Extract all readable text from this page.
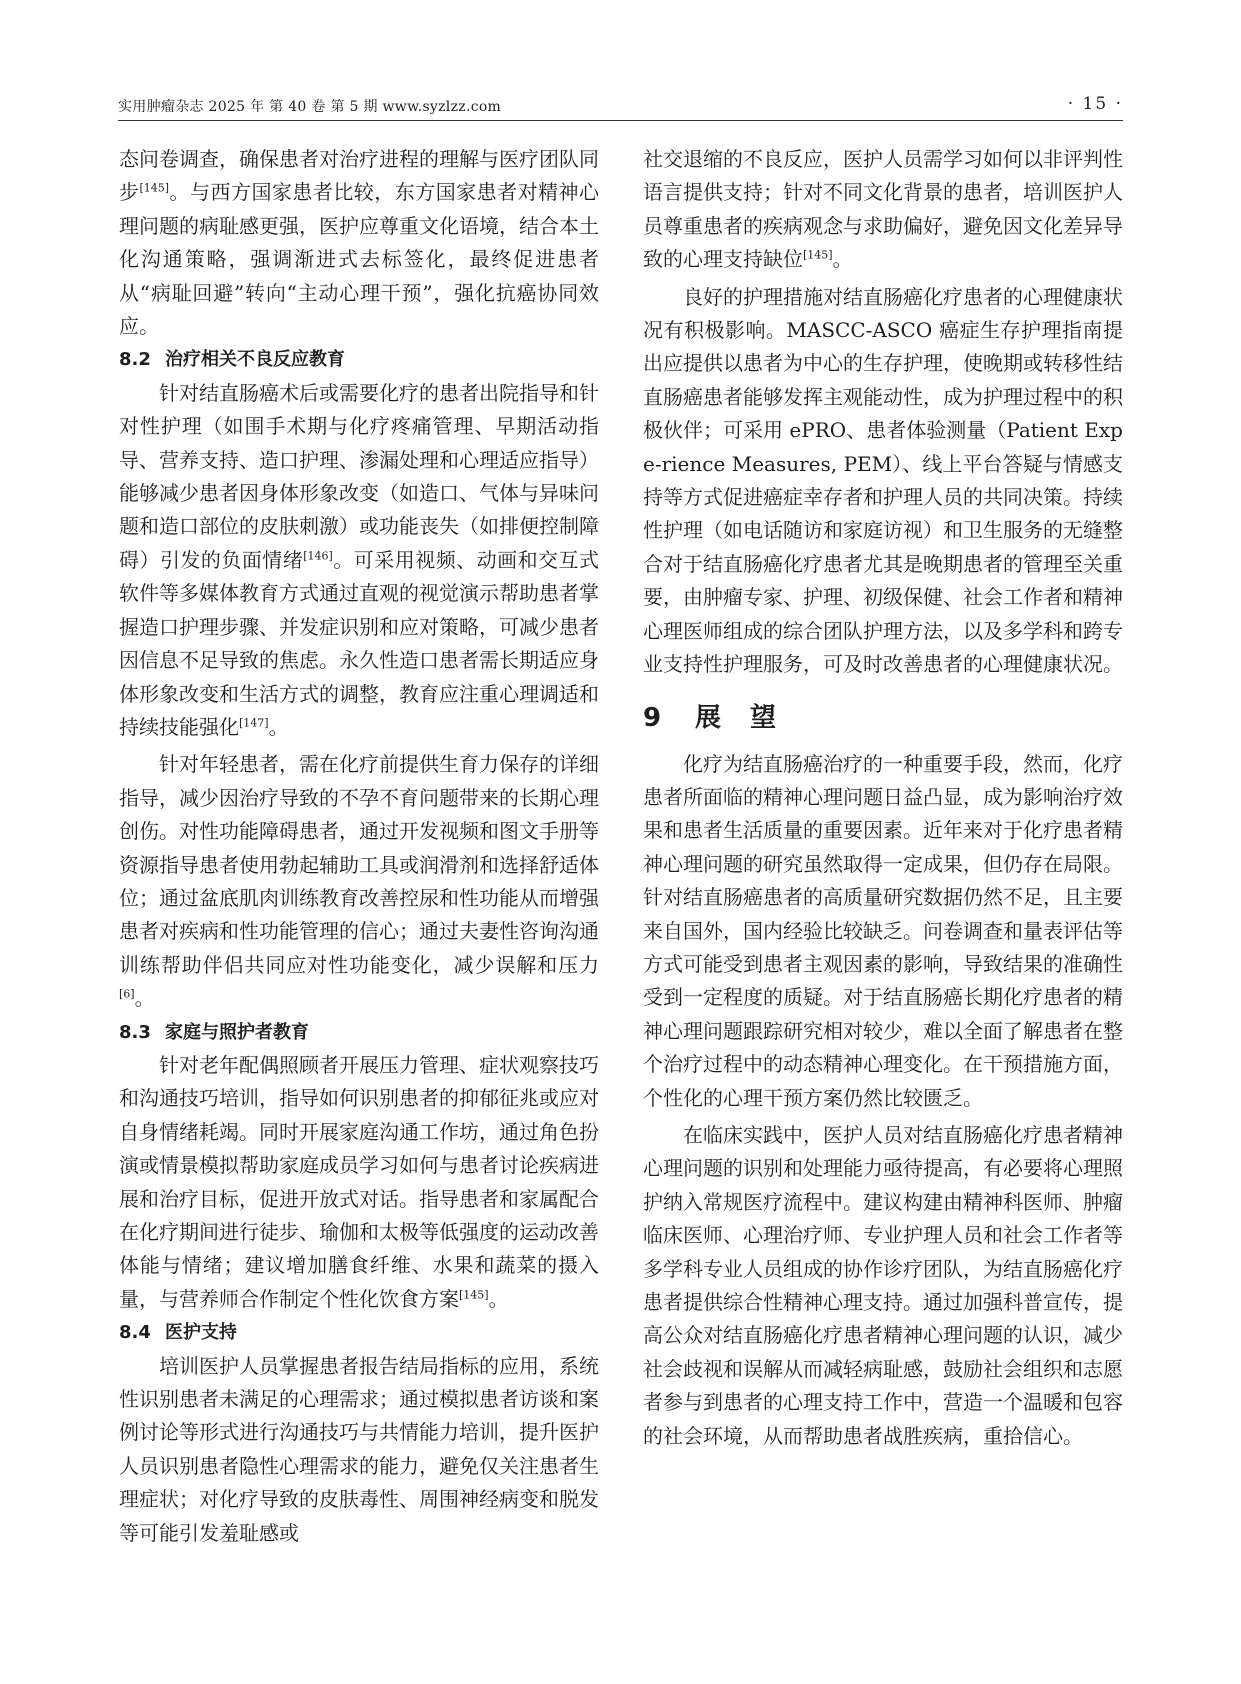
实用肿瘤杂志 2025 年 第 40 卷 第 5 期 www.syzlzz.com	· 15 ·

态问卷调查，确保患者对治疗进程的理解与医疗团队同步[145]。与西方国家患者比较，东方国家患者对精神心理问题的病耻感更强，医护应尊重文化语境，结合本土化沟通策略，强调渐进式去标签化，最终促进患者从“病耻回避”转向“主动心理干预”，强化抗癌协同效应。

8.2 治疗相关不良反应教育

针对结直肠癌术后或需要化疗的患者出院指导和针对性护理（如围手术期与化疗疼痛管理、早期活动指导、营养支持、造口护理、渗漏处理和心理适应指导）能够减少患者因身体形象改变（如造口、气体与异味问题和造口部位的皮肤刺激）或功能丧失（如排便控制障碍）引发的负面情绪[146]。可采用视频、动画和交互式软件等多媒体教育方式通过直观的视觉演示帮助患者掌握造口护理步骤、并发症识别和应对策略，可减少患者因信息不足导致的焦虑。永久性造口患者需长期适应身体形象改变和生活方式的调整，教育应注重心理调适和持续技能强化[147]。

针对年轻患者，需在化疗前提供生育力保存的详细指导，减少因治疗导致的不孕不育问题带来的长期心理创伤。对性功能障碍患者，通过开发视频和图文手册等资源指导患者使用勃起辅助工具或润滑剂和选择舒适体位；通过盆底肌肉训练教育改善控尿和性功能从而增强患者对疾病和性功能管理的信心；通过夫妻性咨询沟通训练帮助伴侣共同应对性功能变化，减少误解和压力[6]。

8.3 家庭与照护者教育

针对老年配偶照顾者开展压力管理、症状观察技巧和沟通技巧培训，指导如何识别患者的抑郁征兆或应对自身情绪耗竭。同时开展家庭沟通工作坊，通过角色扮演或情景模拟帮助家庭成员学习如何与患者讨论疾病进展和治疗目标，促进开放式对话。指导患者和家属配合在化疗期间进行徒步、瑜伽和太极等低强度的运动改善体能与情绪；建议增加膳食纤维、水果和蔬菜的摄入量，与营养师合作制定个性化饮食方案[145]。

8.4 医护支持

培训医护人员掌握患者报告结局指标的应用，系统性识别患者未满足的心理需求；通过模拟患者访谈和案例讨论等形式进行沟通技巧与共情能力培训，提升医护人员识别患者隐性心理需求的能力，避免仅关注患者生理症状；对化疗导致的皮肤毒性、周围神经病变和脱发等可能引发羞耻感或

社交退缩的不良反应，医护人员需学习如何以非评判性语言提供支持；针对不同文化背景的患者，培训医护人员尊重患者的疾病观念与求助偏好，避免因文化差异导致的心理支持缺位[145]。

良好的护理措施对结直肠癌化疗患者的心理健康状况有积极影响。MASCC-ASCO 癌症生存护理指南提出应提供以患者为中心的生存护理，使晚期或转移性结直肠癌患者能够发挥主观能动性，成为护理过程中的积极伙伴；可采用 ePRO、患者体验测量（Patient Expe-rience Measures, PEM）、线上平台答疑与情感支持等方式促进癌症幸存者和护理人员的共同决策。持续性护理（如电话随访和家庭访视）和卫生服务的无缝整合对于结直肠癌化疗患者尤其是晚期患者的管理至关重要，由肿瘤专家、护理、初级保健、社会工作者和精神心理医师组成的综合团队护理方法，以及多学科和跨专业支持性护理服务，可及时改善患者的心理健康状况。

9 展 望

化疗为结直肠癌治疗的一种重要手段，然而，化疗患者所面临的精神心理问题日益凸显，成为影响治疗效果和患者生活质量的重要因素。近年来对于化疗患者精神心理问题的研究虽然取得一定成果，但仍存在局限。针对结直肠癌患者的高质量研究数据仍然不足，且主要来自国外，国内经验比较缺乏。问卷调查和量表评估等方式可能受到患者主观因素的影响，导致结果的准确性受到一定程度的质疑。对于结直肠癌长期化疗患者的精神心理问题跟踪研究相对较少，难以全面了解患者在整个治疗过程中的动态精神心理变化。在干预措施方面，个性化的心理干预方案仍然比较匮乏。

在临床实践中，医护人员对结直肠癌化疗患者精神心理问题的识别和处理能力亟待提高，有必要将心理照护纳入常规医疗流程中。建议构建由精神科医师、肿瘤临床医师、心理治疗师、专业护理人员和社会工作者等多学科专业人员组成的协作诊疗团队，为结直肠癌化疗患者提供综合性精神心理支持。通过加强科普宣传，提高公众对结直肠癌化疗患者精神心理问题的认识，减少社会歧视和误解从而减轻病耻感，鼓励社会组织和志愿者参与到患者的心理支持工作中，营造一个温暖和包容的社会环境，从而帮助患者战胜疾病，重拾信心。
